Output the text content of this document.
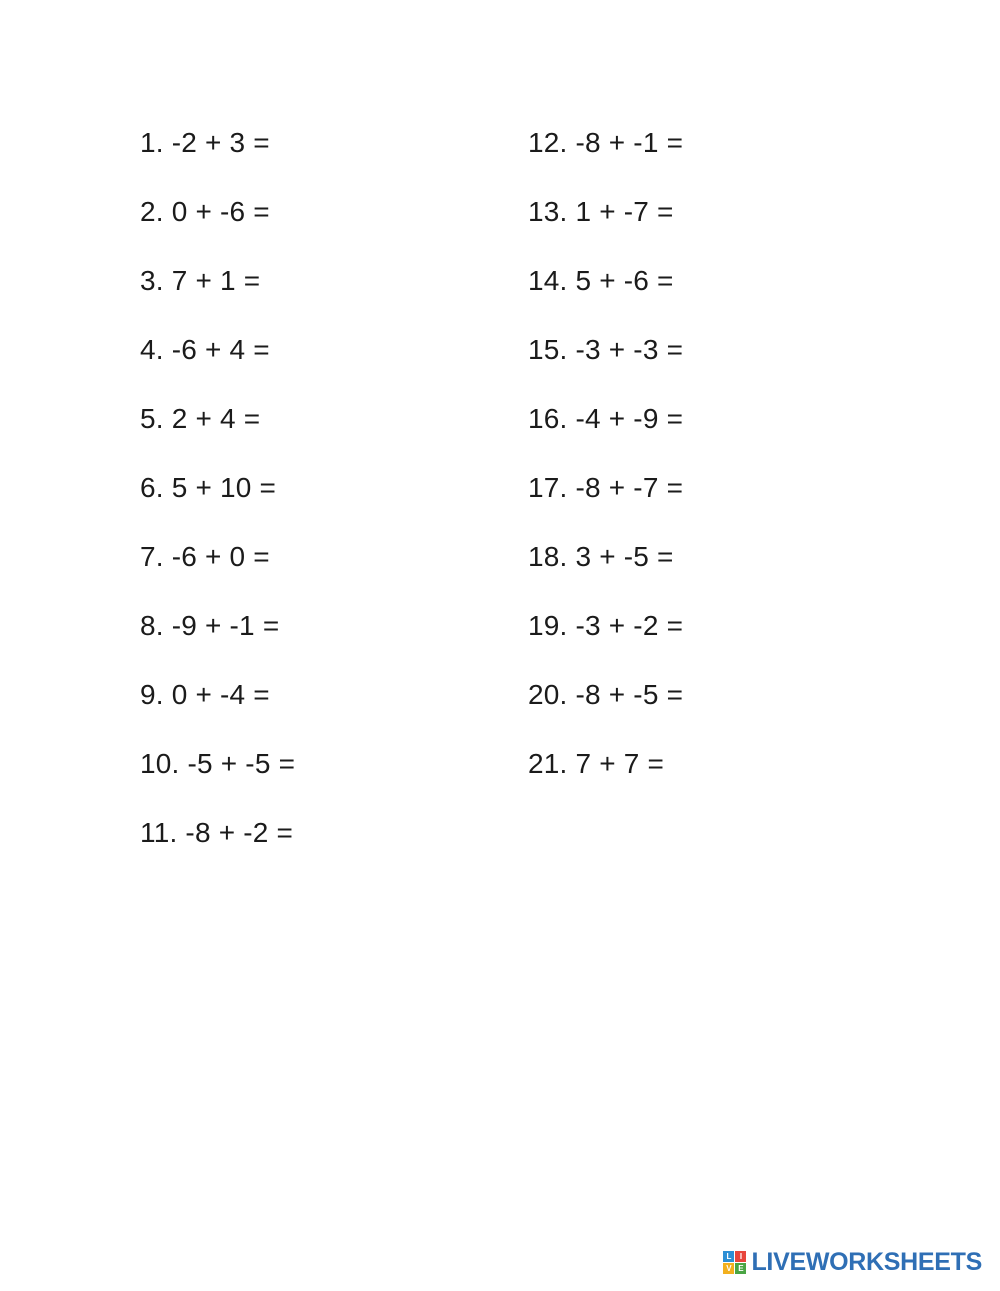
1. -2 + 3 =
2. 0 + -6 =
3. 7 + 1 =
4. -6 + 4 =
5. 2 + 4 =
6. 5 + 10 =
7. -6 + 0 =
8. -9 + -1 =
9. 0 + -4 =
10. -5 + -5 =
11. -8 + -2 =
12. -8 + -1 =
13. 1 + -7 =
14. 5 + -6 =
15. -3 + -3 =
16. -4 + -9 =
17. -8 + -7 =
18. 3 + -5 =
19. -3 + -2 =
20. -8 + -5 =
21. 7 + 7 =
L	I
V E LIVEWORKSHEETS
